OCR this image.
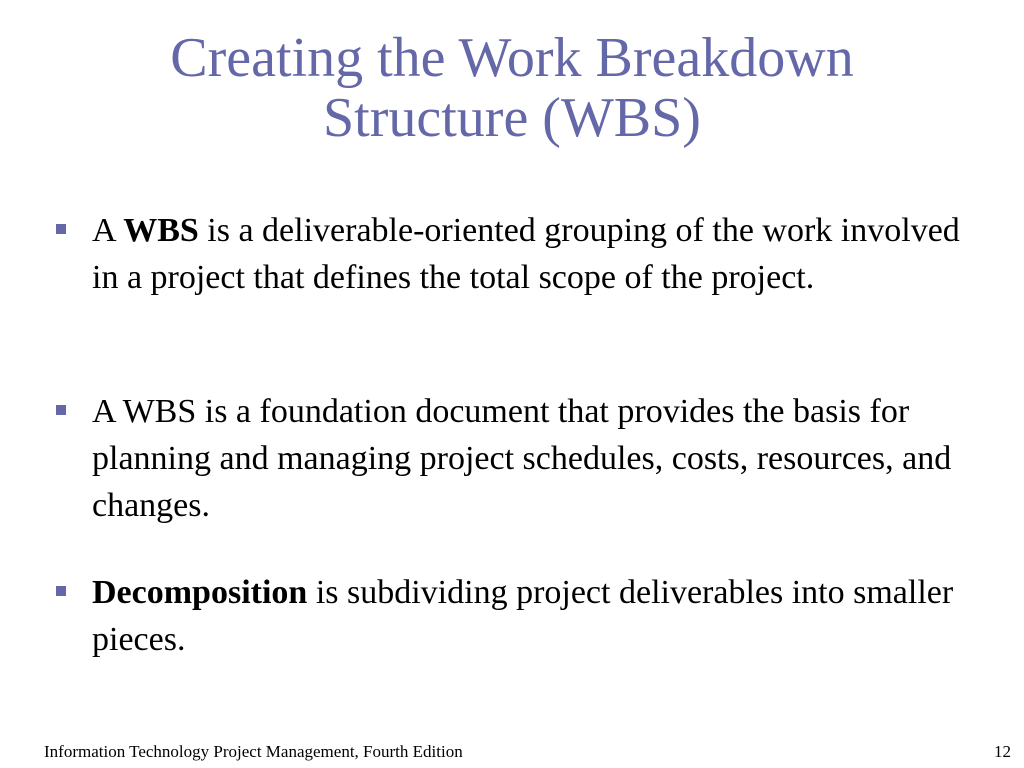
Creating the Work Breakdown
Structure (WBS)
A WBS is a deliverable-oriented grouping of the work involved in a project that defines the total scope of the project.
A WBS is a foundation document that provides the basis for planning and managing project schedules, costs, resources, and changes.
Decomposition is subdividing project deliverables into smaller pieces.
Information Technology Project Management, Fourth Edition	12
